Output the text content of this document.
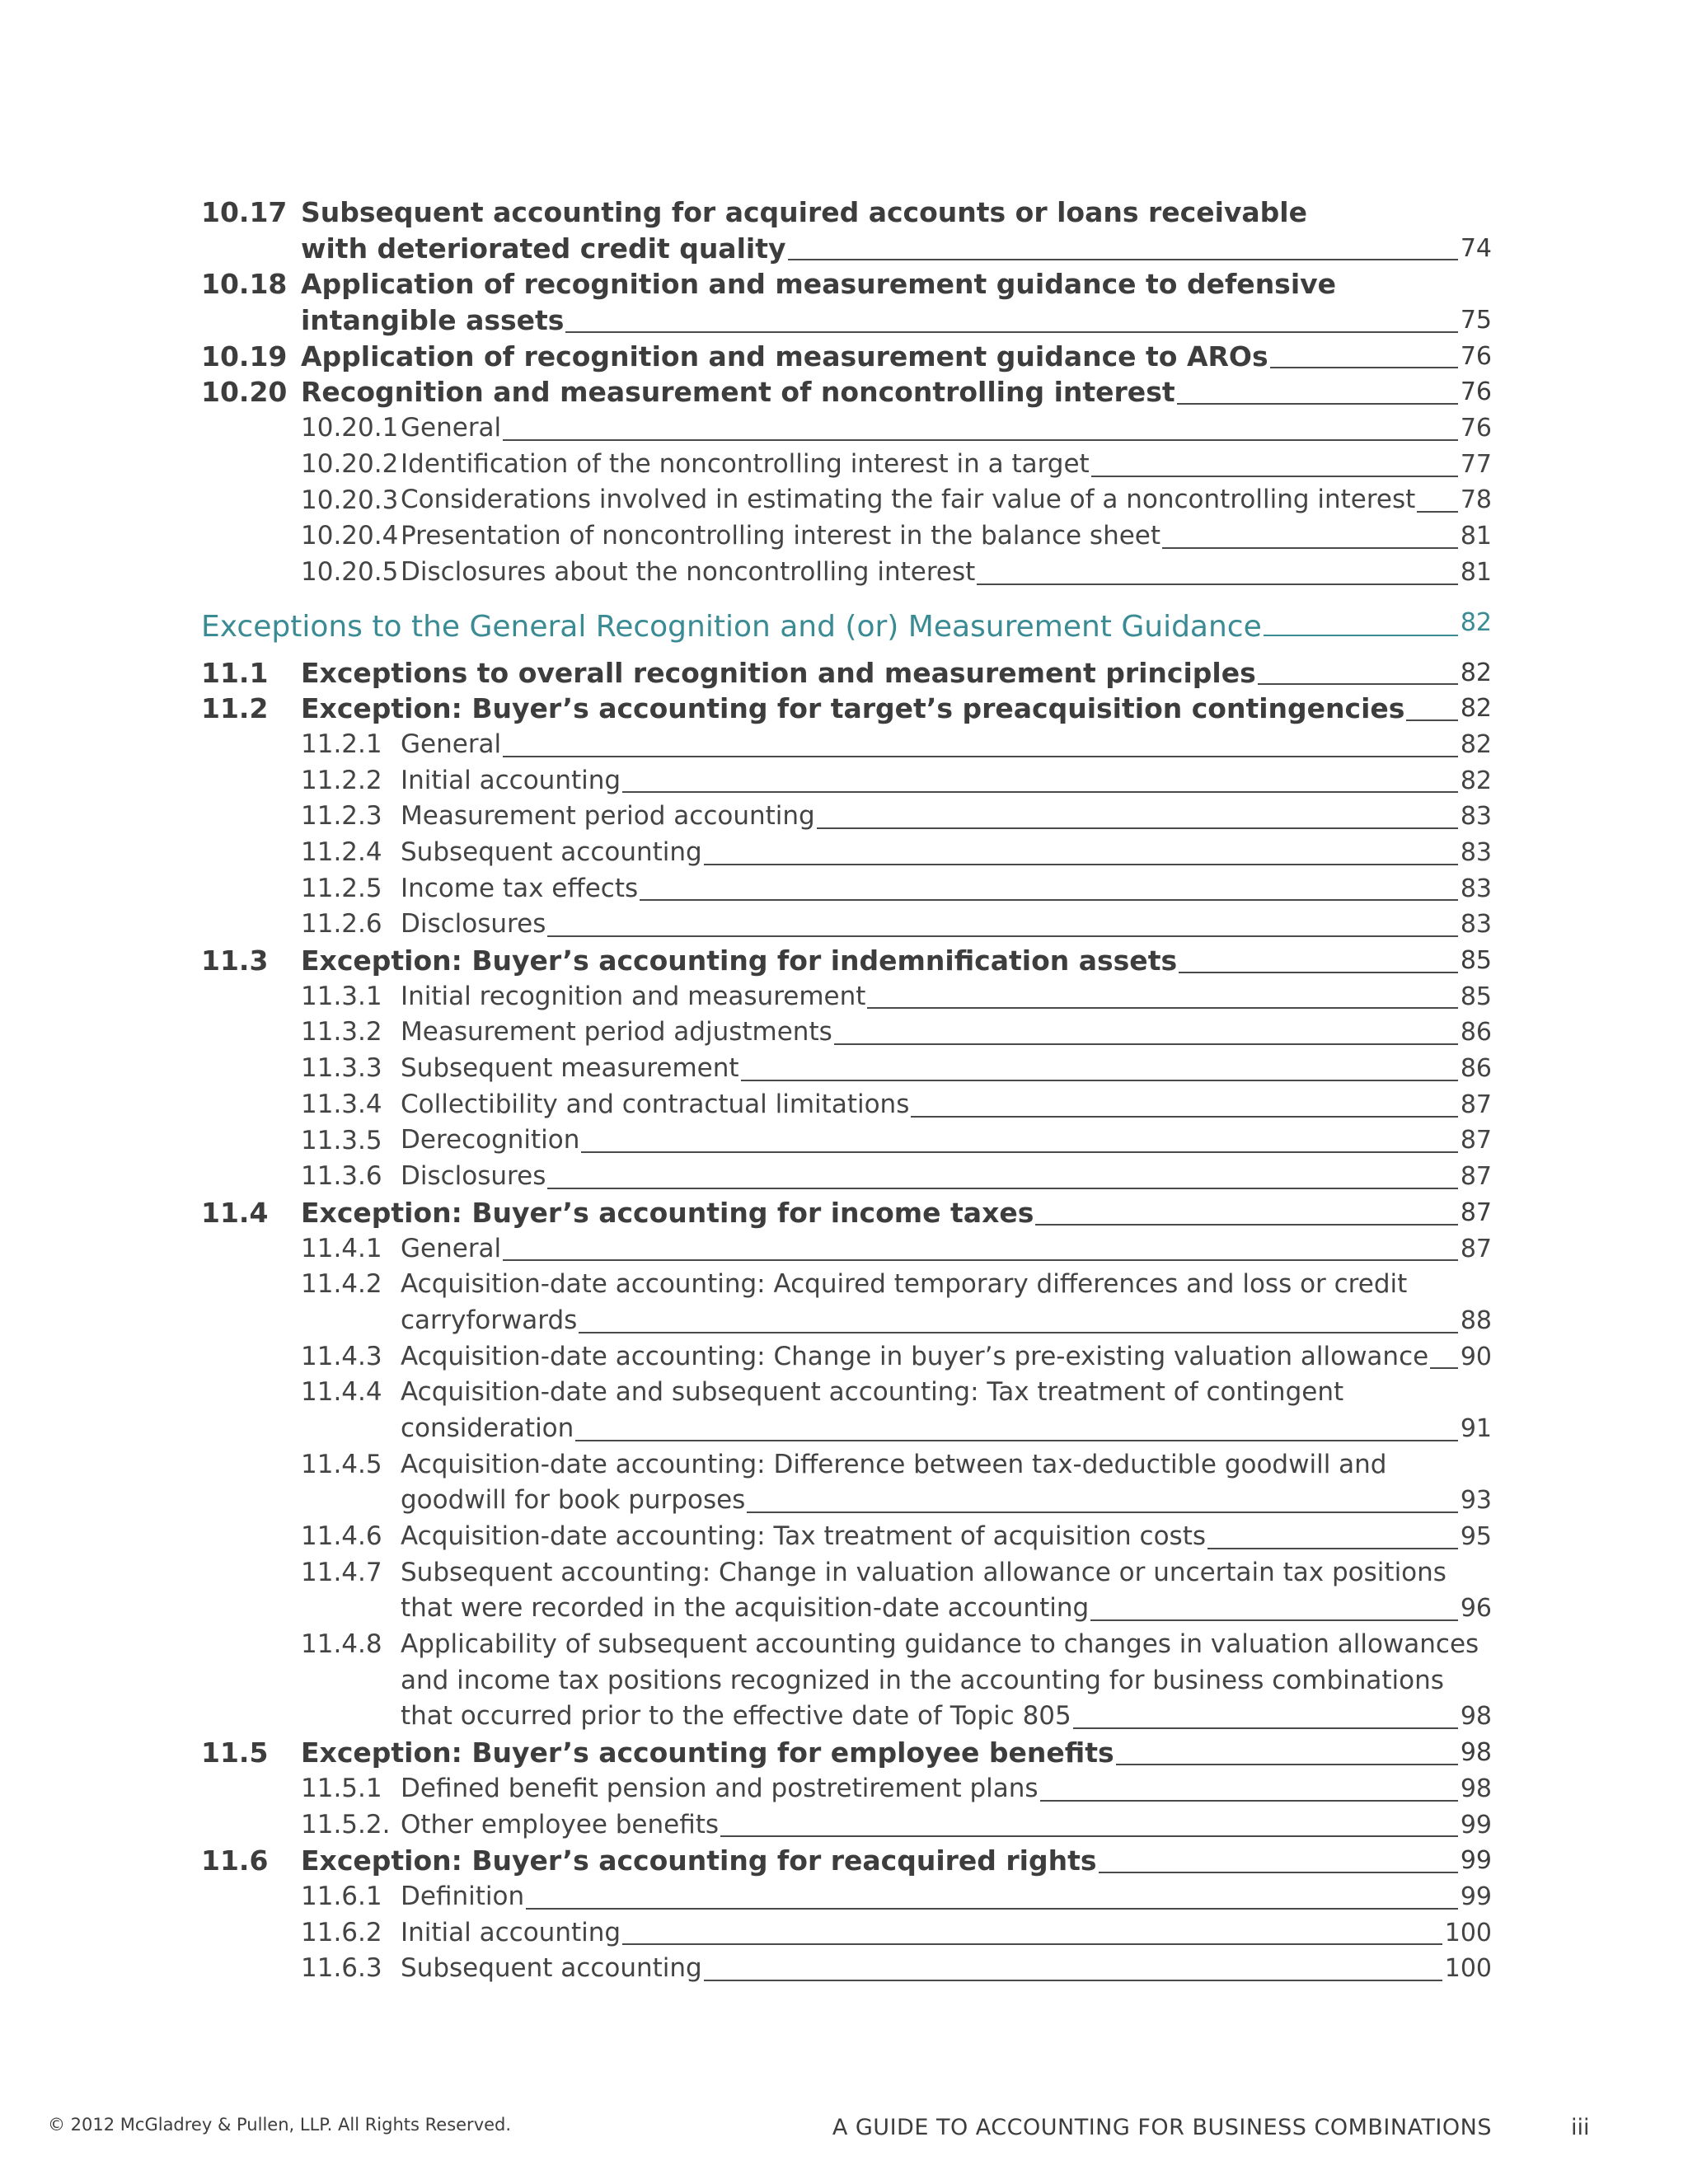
10.17 Subsequent accounting for acquired accounts or loans receivable
with deteriorated credit quality	74
10.18 Application of recognition and measurement guidance to defensive
intangible assets	75
10.19 Application of recognition and measurement guidance to AROs	76
10.20 Recognition and measurement of noncontrolling interest	76
10.20.1 General	76
10.20.2 Identification of the noncontrolling interest in a target	77
10.20.3 Considerations involved in estimating the fair value of a noncontrolling interest 78
10.20.4 Presentation of noncontrolling interest in the balance sheet	81
10.20.5 Disclosures about the noncontrolling interest	81
Exceptions to the General Recognition and (or) Measurement Guidance	82
11.1	Exceptions to overall recognition and measurement principles	82
11.2	Exception: Buyer’s accounting for target’s preacquisition contingencies 82
11.2.1 General	82
11.2.2 Initial accounting	82
11.2.3 Measurement period accounting	83
11.2.4 Subsequent accounting	83
11.2.5 Income tax effects	83
11.2.6 Disclosures	83
11.3	Exception: Buyer’s accounting for indemnification assets	85
11.3.1 Initial recognition and measurement	85
11.3.2 Measurement period adjustments	86
11.3.3 Subsequent measurement	86
11.3.4 Collectibility and contractual limitations	87
11.3.5 Derecognition	87
11.3.6 Disclosures	87
11.4	Exception: Buyer’s accounting for income taxes	87
11.4.1 General	87
11.4.2 Acquisition-date accounting: Acquired temporary differences and loss or credit
carryforwards	88
11.4.3 Acquisition-date accounting: Change in buyer’s pre-existing valuation allowance 90
11.4.4 Acquisition-date and subsequent accounting: Tax treatment of contingent
consideration	91
11.4.5 Acquisition-date accounting: Difference between tax-deductible goodwill and
goodwill for book purposes	93
11.4.6 Acquisition-date accounting: Tax treatment of acquisition costs	95
11.4.7 Subsequent accounting: Change in valuation allowance or uncertain tax positions
that were recorded in the acquisition-date accounting	96
11.4.8 Applicability of subsequent accounting guidance to changes in valuation allowances
and income tax positions recognized in the accounting for business combinations
that occurred prior to the effective date of Topic 805	98
11.5	Exception: Buyer’s accounting for employee benefits	98
11.5.1 Defined benefit pension and postretirement plans	98
11.5.2. Other employee benefits	99
11.6	Exception: Buyer’s accounting for reacquired rights	99
11.6.1 Definition	99
11.6.2 Initial accounting	100
11.6.3 Subsequent accounting	100
© 2012 McGladrey & Pullen, LLP. All Rights Reserved.	A GUIDE TO ACCOUNTING FOR BUSINESS COMBINATIONS	iii
